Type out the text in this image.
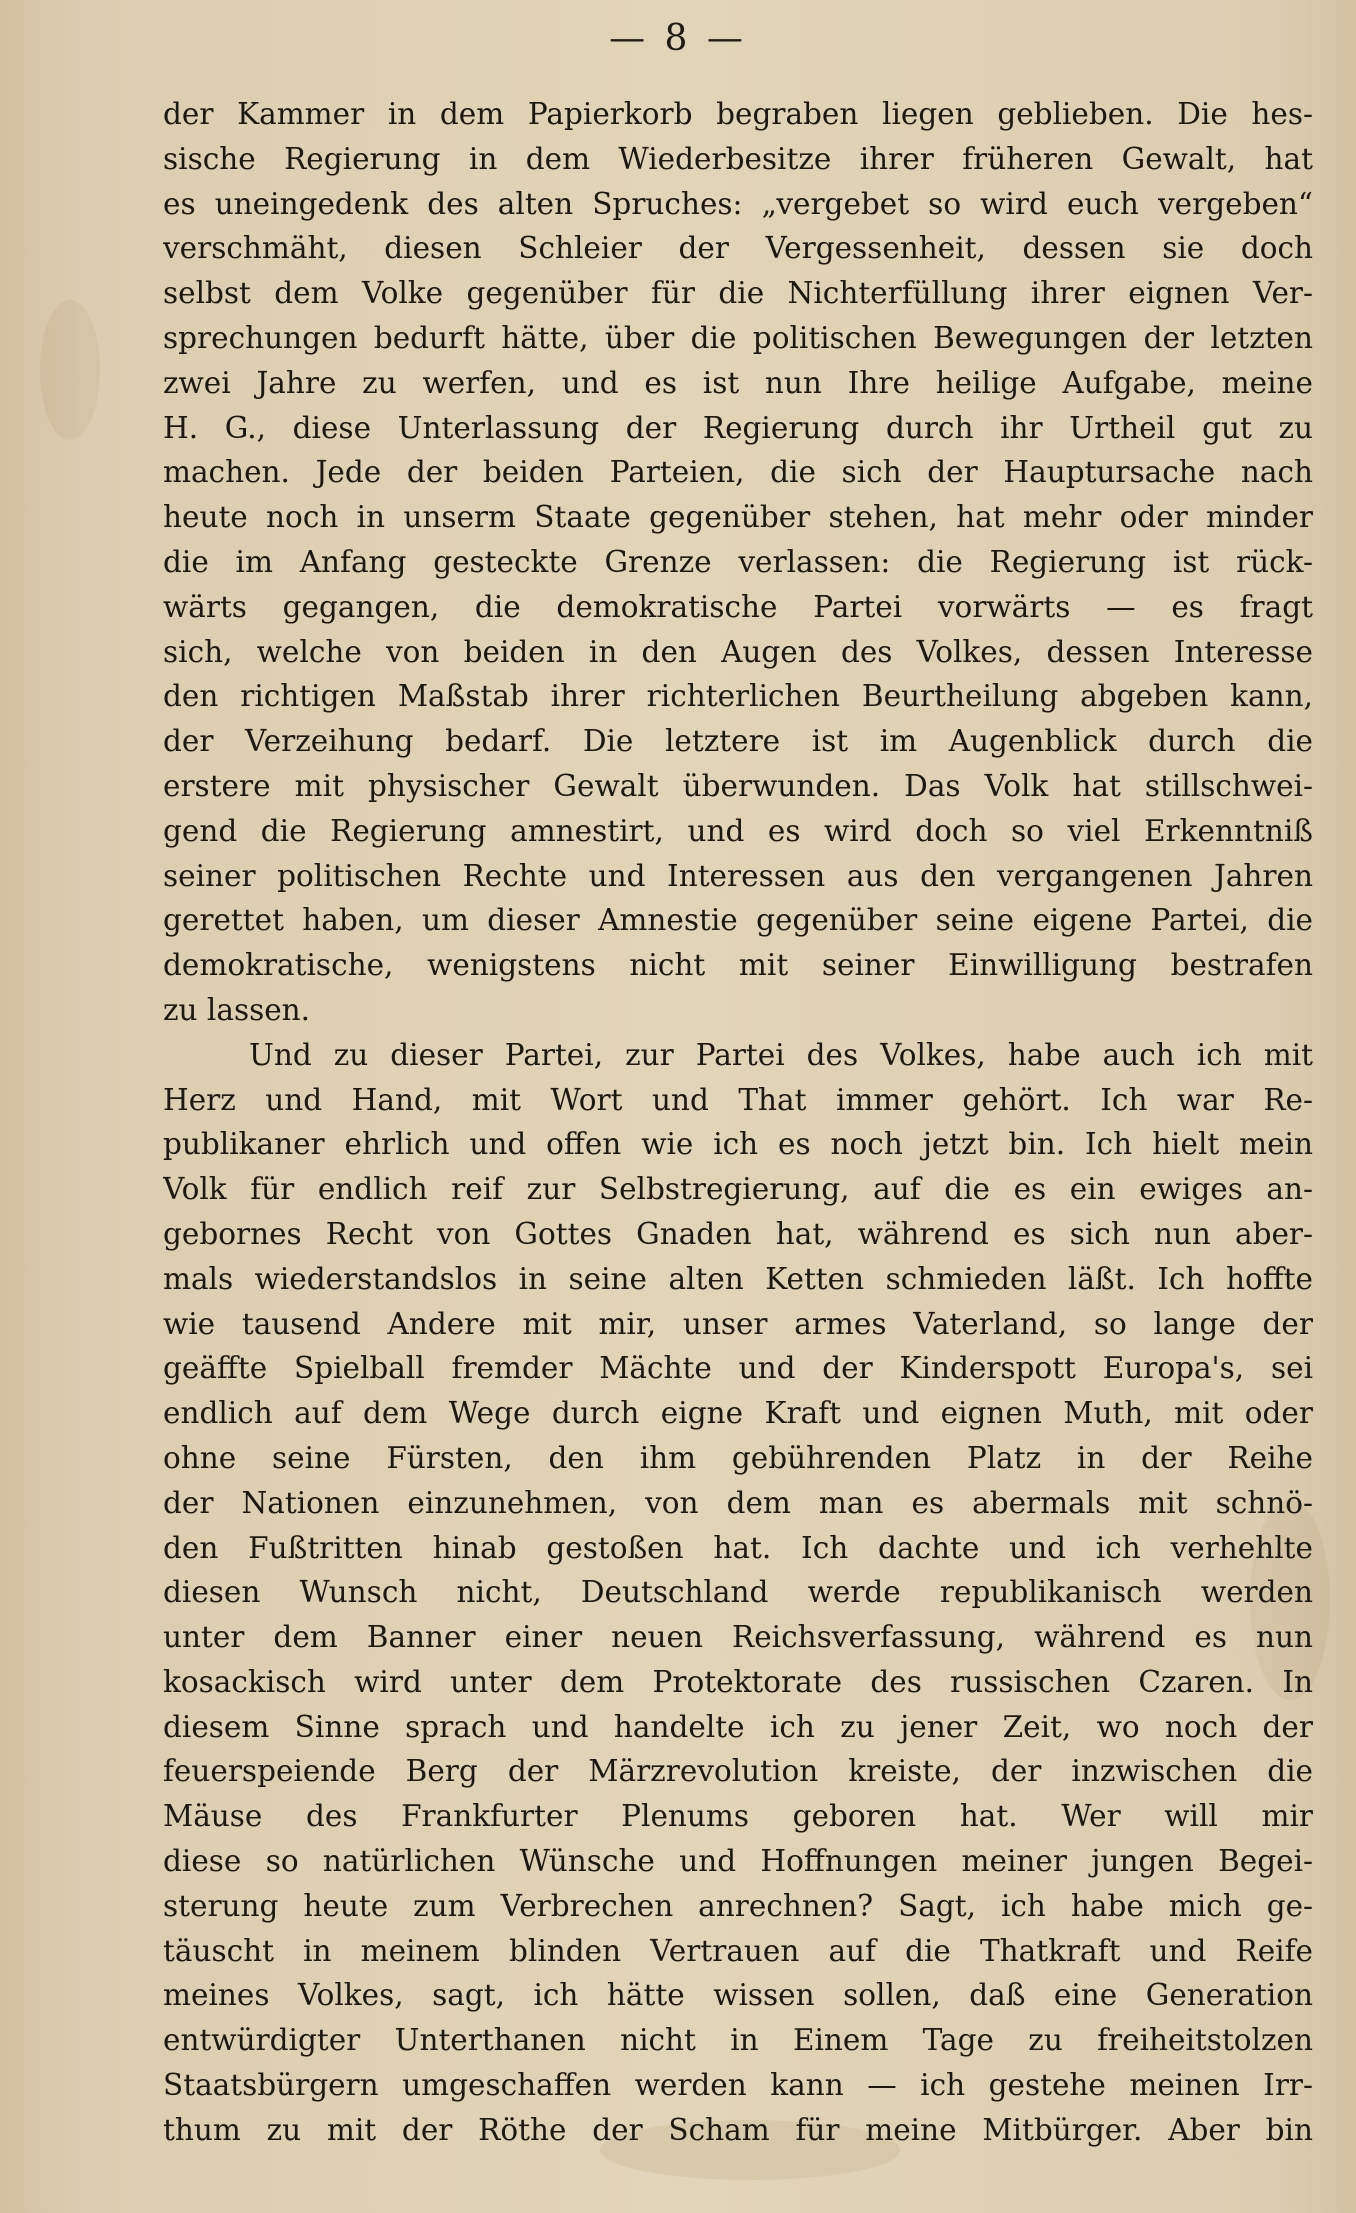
— 8 —
der Kammer in dem Papierkorb begraben liegen geblieben. Die hes-
sische Regierung in dem Wiederbesitze ihrer früheren Gewalt, hat
es uneingedenk des alten Spruches: „vergebet so wird euch vergeben“
verschmäht, diesen Schleier der Vergessenheit, dessen sie doch
selbst dem Volke gegenüber für die Nichterfüllung ihrer eignen Ver-
sprechungen bedurft hätte, über die politischen Bewegungen der letzten
zwei Jahre zu werfen, und es ist nun Ihre heilige Aufgabe, meine
H. G., diese Unterlassung der Regierung durch ihr Urtheil gut zu
machen. Jede der beiden Parteien, die sich der Hauptursache nach
heute noch in unserm Staate gegenüber stehen, hat mehr oder minder
die im Anfang gesteckte Grenze verlassen: die Regierung ist rück-
wärts gegangen, die demokratische Partei vorwärts — es fragt
sich, welche von beiden in den Augen des Volkes, dessen Interesse
den richtigen Maßstab ihrer richterlichen Beurtheilung abgeben kann,
der Verzeihung bedarf. Die letztere ist im Augenblick durch die
erstere mit physischer Gewalt überwunden. Das Volk hat stillschwei-
gend die Regierung amnestirt, und es wird doch so viel Erkenntniß
seiner politischen Rechte und Interessen aus den vergangenen Jahren
gerettet haben, um dieser Amnestie gegenüber seine eigene Partei, die
demokratische, wenigstens nicht mit seiner Einwilligung bestrafen
zu lassen.
Und zu dieser Partei, zur Partei des Volkes, habe auch ich mit
Herz und Hand, mit Wort und That immer gehört. Ich war Re-
publikaner ehrlich und offen wie ich es noch jetzt bin. Ich hielt mein
Volk für endlich reif zur Selbstregierung, auf die es ein ewiges an-
gebornes Recht von Gottes Gnaden hat, während es sich nun aber-
mals wiederstandslos in seine alten Ketten schmieden läßt. Ich hoffte
wie tausend Andere mit mir, unser armes Vaterland, so lange der
geäffte Spielball fremder Mächte und der Kinderspott Europa's, sei
endlich auf dem Wege durch eigne Kraft und eignen Muth, mit oder
ohne seine Fürsten, den ihm gebührenden Platz in der Reihe
der Nationen einzunehmen, von dem man es abermals mit schnö-
den Fußtritten hinab gestoßen hat. Ich dachte und ich verhehlte
diesen Wunsch nicht, Deutschland werde republikanisch werden
unter dem Banner einer neuen Reichsverfassung, während es nun
kosackisch wird unter dem Protektorate des russischen Czaren. In
diesem Sinne sprach und handelte ich zu jener Zeit, wo noch der
feuerspeiende Berg der Märzrevolution kreiste, der inzwischen die
Mäuse des Frankfurter Plenums geboren hat. Wer will mir
diese so natürlichen Wünsche und Hoffnungen meiner jungen Begei-
sterung heute zum Verbrechen anrechnen? Sagt, ich habe mich ge-
täuscht in meinem blinden Vertrauen auf die Thatkraft und Reife
meines Volkes, sagt, ich hätte wissen sollen, daß eine Generation
entwürdigter Unterthanen nicht in Einem Tage zu freiheitstolzen
Staatsbürgern umgeschaffen werden kann — ich gestehe meinen Irr-
thum zu mit der Röthe der Scham für meine Mitbürger. Aber bin
